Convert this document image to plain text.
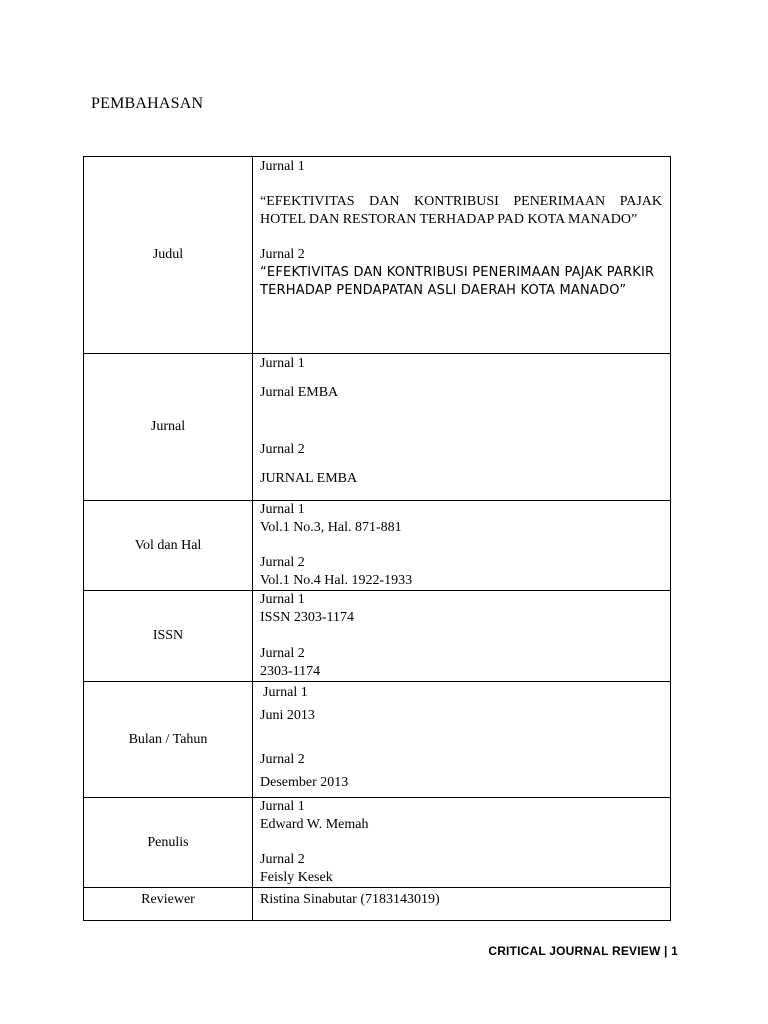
PEMBAHASAN
Judul	Jurnal 1

“EFEKTIVITAS DAN KONTRIBUSI PENERIMAAN PAJAK HOTEL DAN RESTORAN TERHADAP PAD KOTA MANADO”

Jurnal 2

“EFEKTIVITAS DAN KONTRIBUSI PENERIMAAN PAJAK PARKIR TERHADAP PENDAPATAN ASLI DAERAH KOTA MANADO”

Jurnal	Jurnal 1

Jurnal EMBA

Jurnal 2

JURNAL EMBA

Vol dan Hal	Jurnal 1

Vol.1 No.3, Hal. 871-881

Jurnal 2

Vol.1 No.4 Hal. 1922-1933

ISSN	Jurnal 1

ISSN 2303-1174

Jurnal 2

2303-1174

Bulan / Tahun	Jurnal 1

Juni 2013

Jurnal 2

Desember 2013

Penulis	Jurnal 1

Edward W. Memah

Jurnal 2

Feisly Kesek

Reviewer	Ristina Sinabutar (7183143019)

CRITICAL JOURNAL REVIEW | 1
